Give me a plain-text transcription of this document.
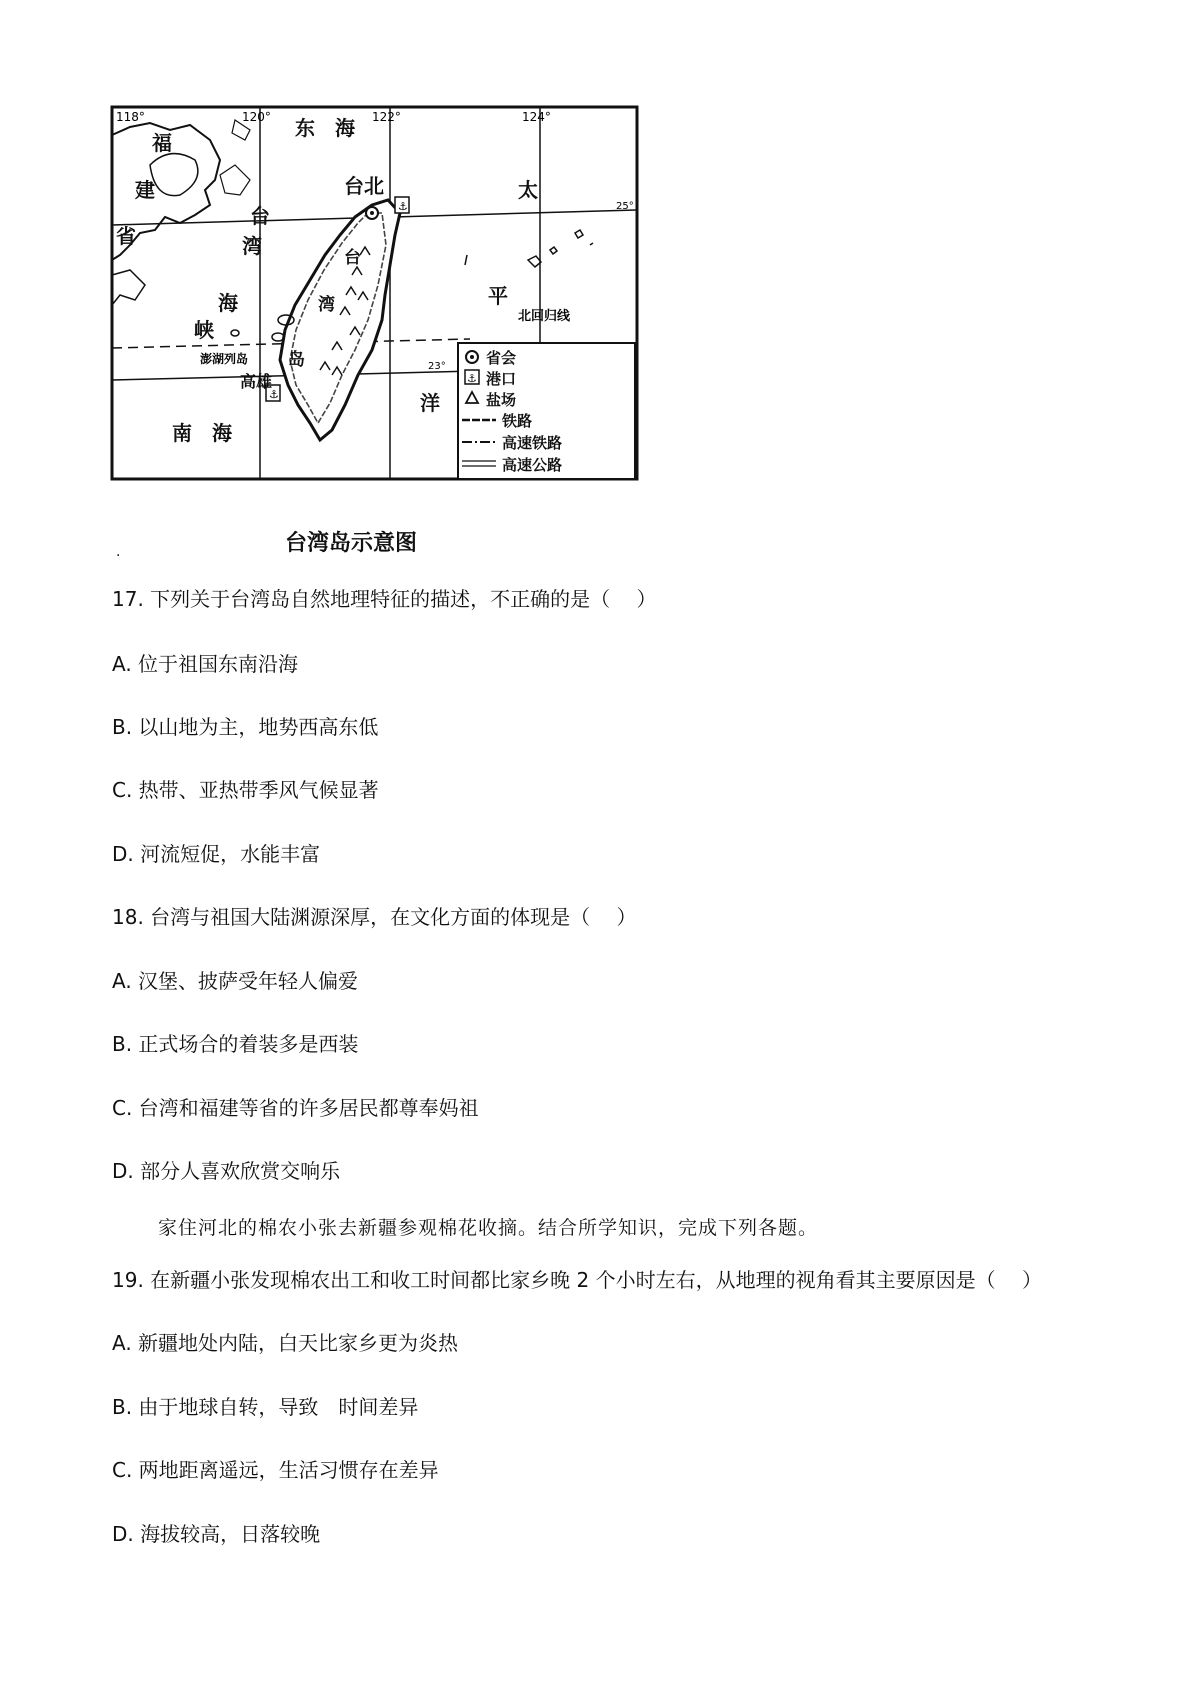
118°	120°	122°	124°
25°
23°
⚓
⚓
福
建
省
台
湾
海
峡
东　海
太
平
洋
南　海
台北
高雄
台
湾
岛
澎湖列岛
北回归线
省会
⚓ 港口
盐场
铁路
高速铁路
高速公路
台湾岛示意图
·
17. 下列关于台湾岛自然地理特征的描述，不正确的是（　 ）
A. 位于祖国东南沿海
B. 以山地为主，地势西高东低
C. 热带、亚热带季风气候显著
D. 河流短促，水能丰富
18. 台湾与祖国大陆渊源深厚，在文化方面的体现是（　 ）
A. 汉堡、披萨受年轻人偏爱
B. 正式场合的着装多是西装
C. 台湾和福建等省的许多居民都尊奉妈祖
D. 部分人喜欢欣赏交响乐
家住河北的棉农小张去新疆参观棉花收摘。结合所学知识，完成下列各题。
19. 在新疆小张发现棉农出工和收工时间都比家乡晚 2 个小时左右，从地理的视角看其主要原因是（　 ）
A. 新疆地处内陆，白天比家乡更为炎热
B. 由于地球自转，导致　时间差异
C. 两地距离遥远，生活习惯存在差异
D. 海拔较高，日落较晚
